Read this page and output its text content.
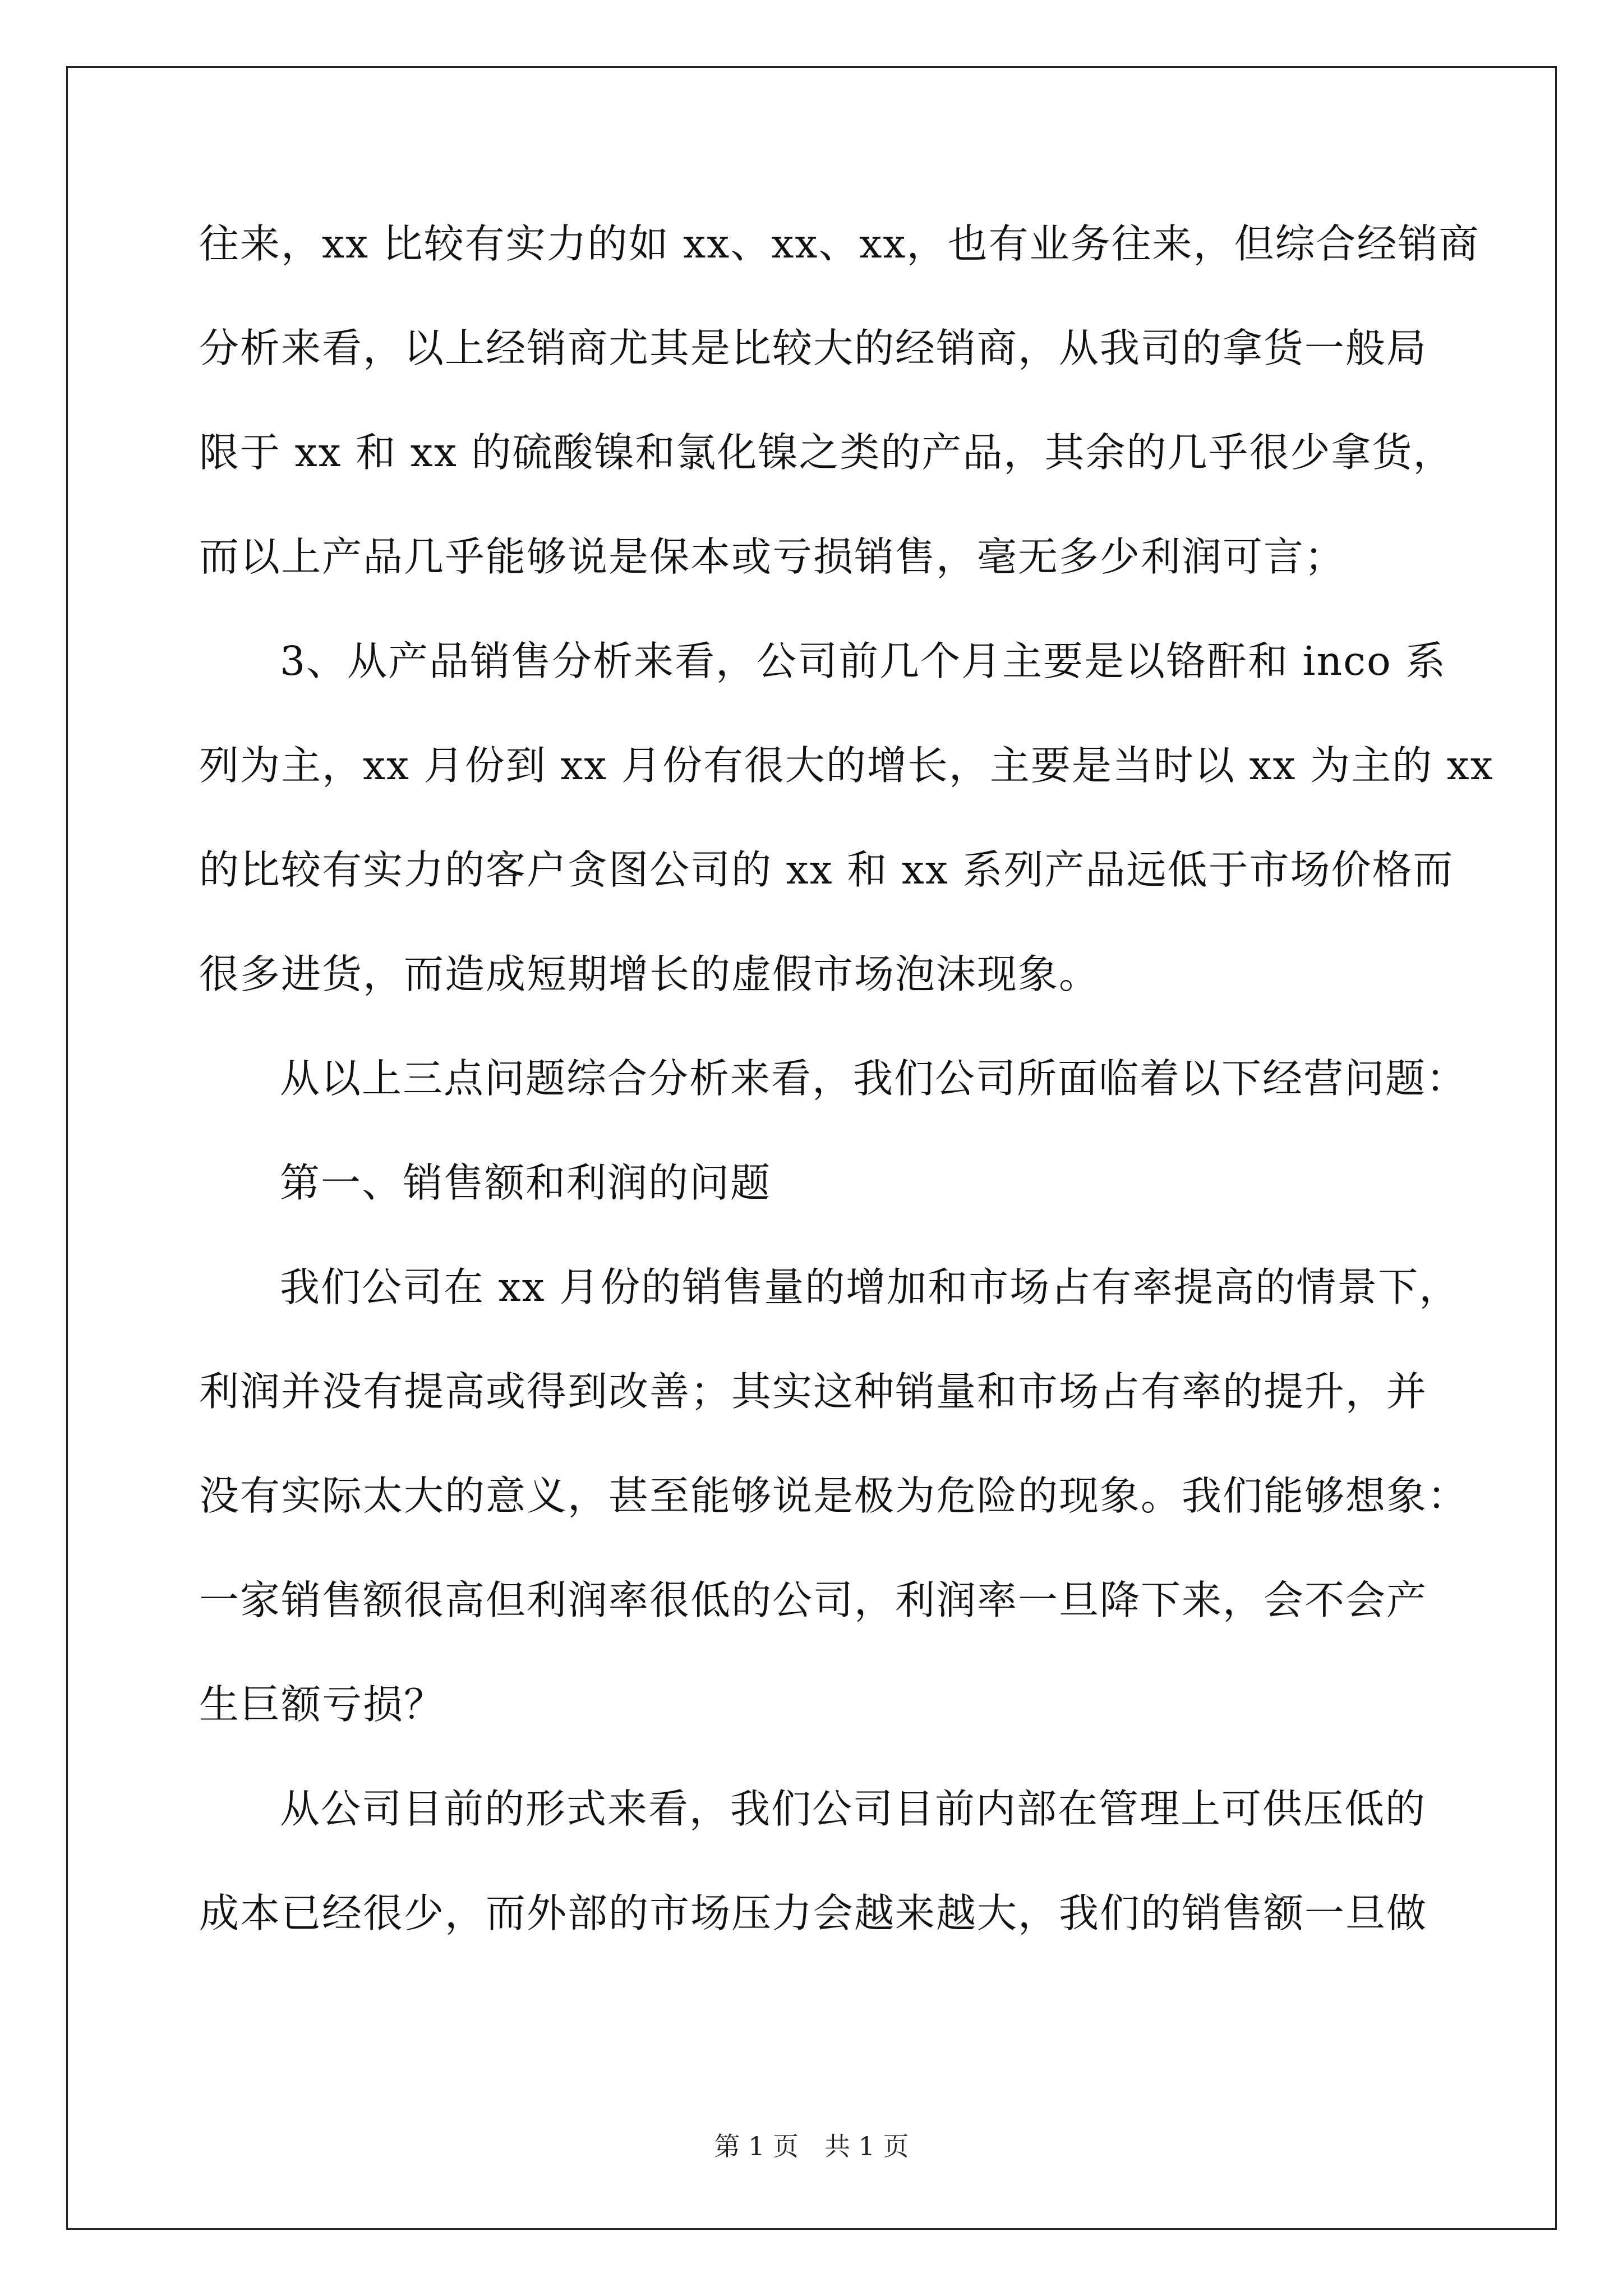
往来，xx 比较有实力的如 xx、xx、xx，也有业务往来，但综合经销商
分析来看，以上经销商尤其是比较大的经销商，从我司的拿货一般局
限于 xx 和 xx 的硫酸镍和氯化镍之类的产品，其余的几乎很少拿货，
而以上产品几乎能够说是保本或亏损销售，毫无多少利润可言；
3、从产品销售分析来看，公司前几个月主要是以铬酐和 inco 系
列为主，xx 月份到 xx 月份有很大的增长，主要是当时以 xx 为主的 xx
的比较有实力的客户贪图公司的 xx 和 xx 系列产品远低于市场价格而
很多进货，而造成短期增长的虚假市场泡沫现象。
从以上三点问题综合分析来看，我们公司所面临着以下经营问题：
第一、销售额和利润的问题
我们公司在 xx 月份的销售量的增加和市场占有率提高的情景下，
利润并没有提高或得到改善；其实这种销量和市场占有率的提升，并
没有实际太大的意义，甚至能够说是极为危险的现象。我们能够想象：
一家销售额很高但利润率很低的公司，利润率一旦降下来，会不会产
生巨额亏损？
从公司目前的形式来看，我们公司目前内部在管理上可供压低的
成本已经很少，而外部的市场压力会越来越大，我们的销售额一旦做
第 1 页 共 1 页
